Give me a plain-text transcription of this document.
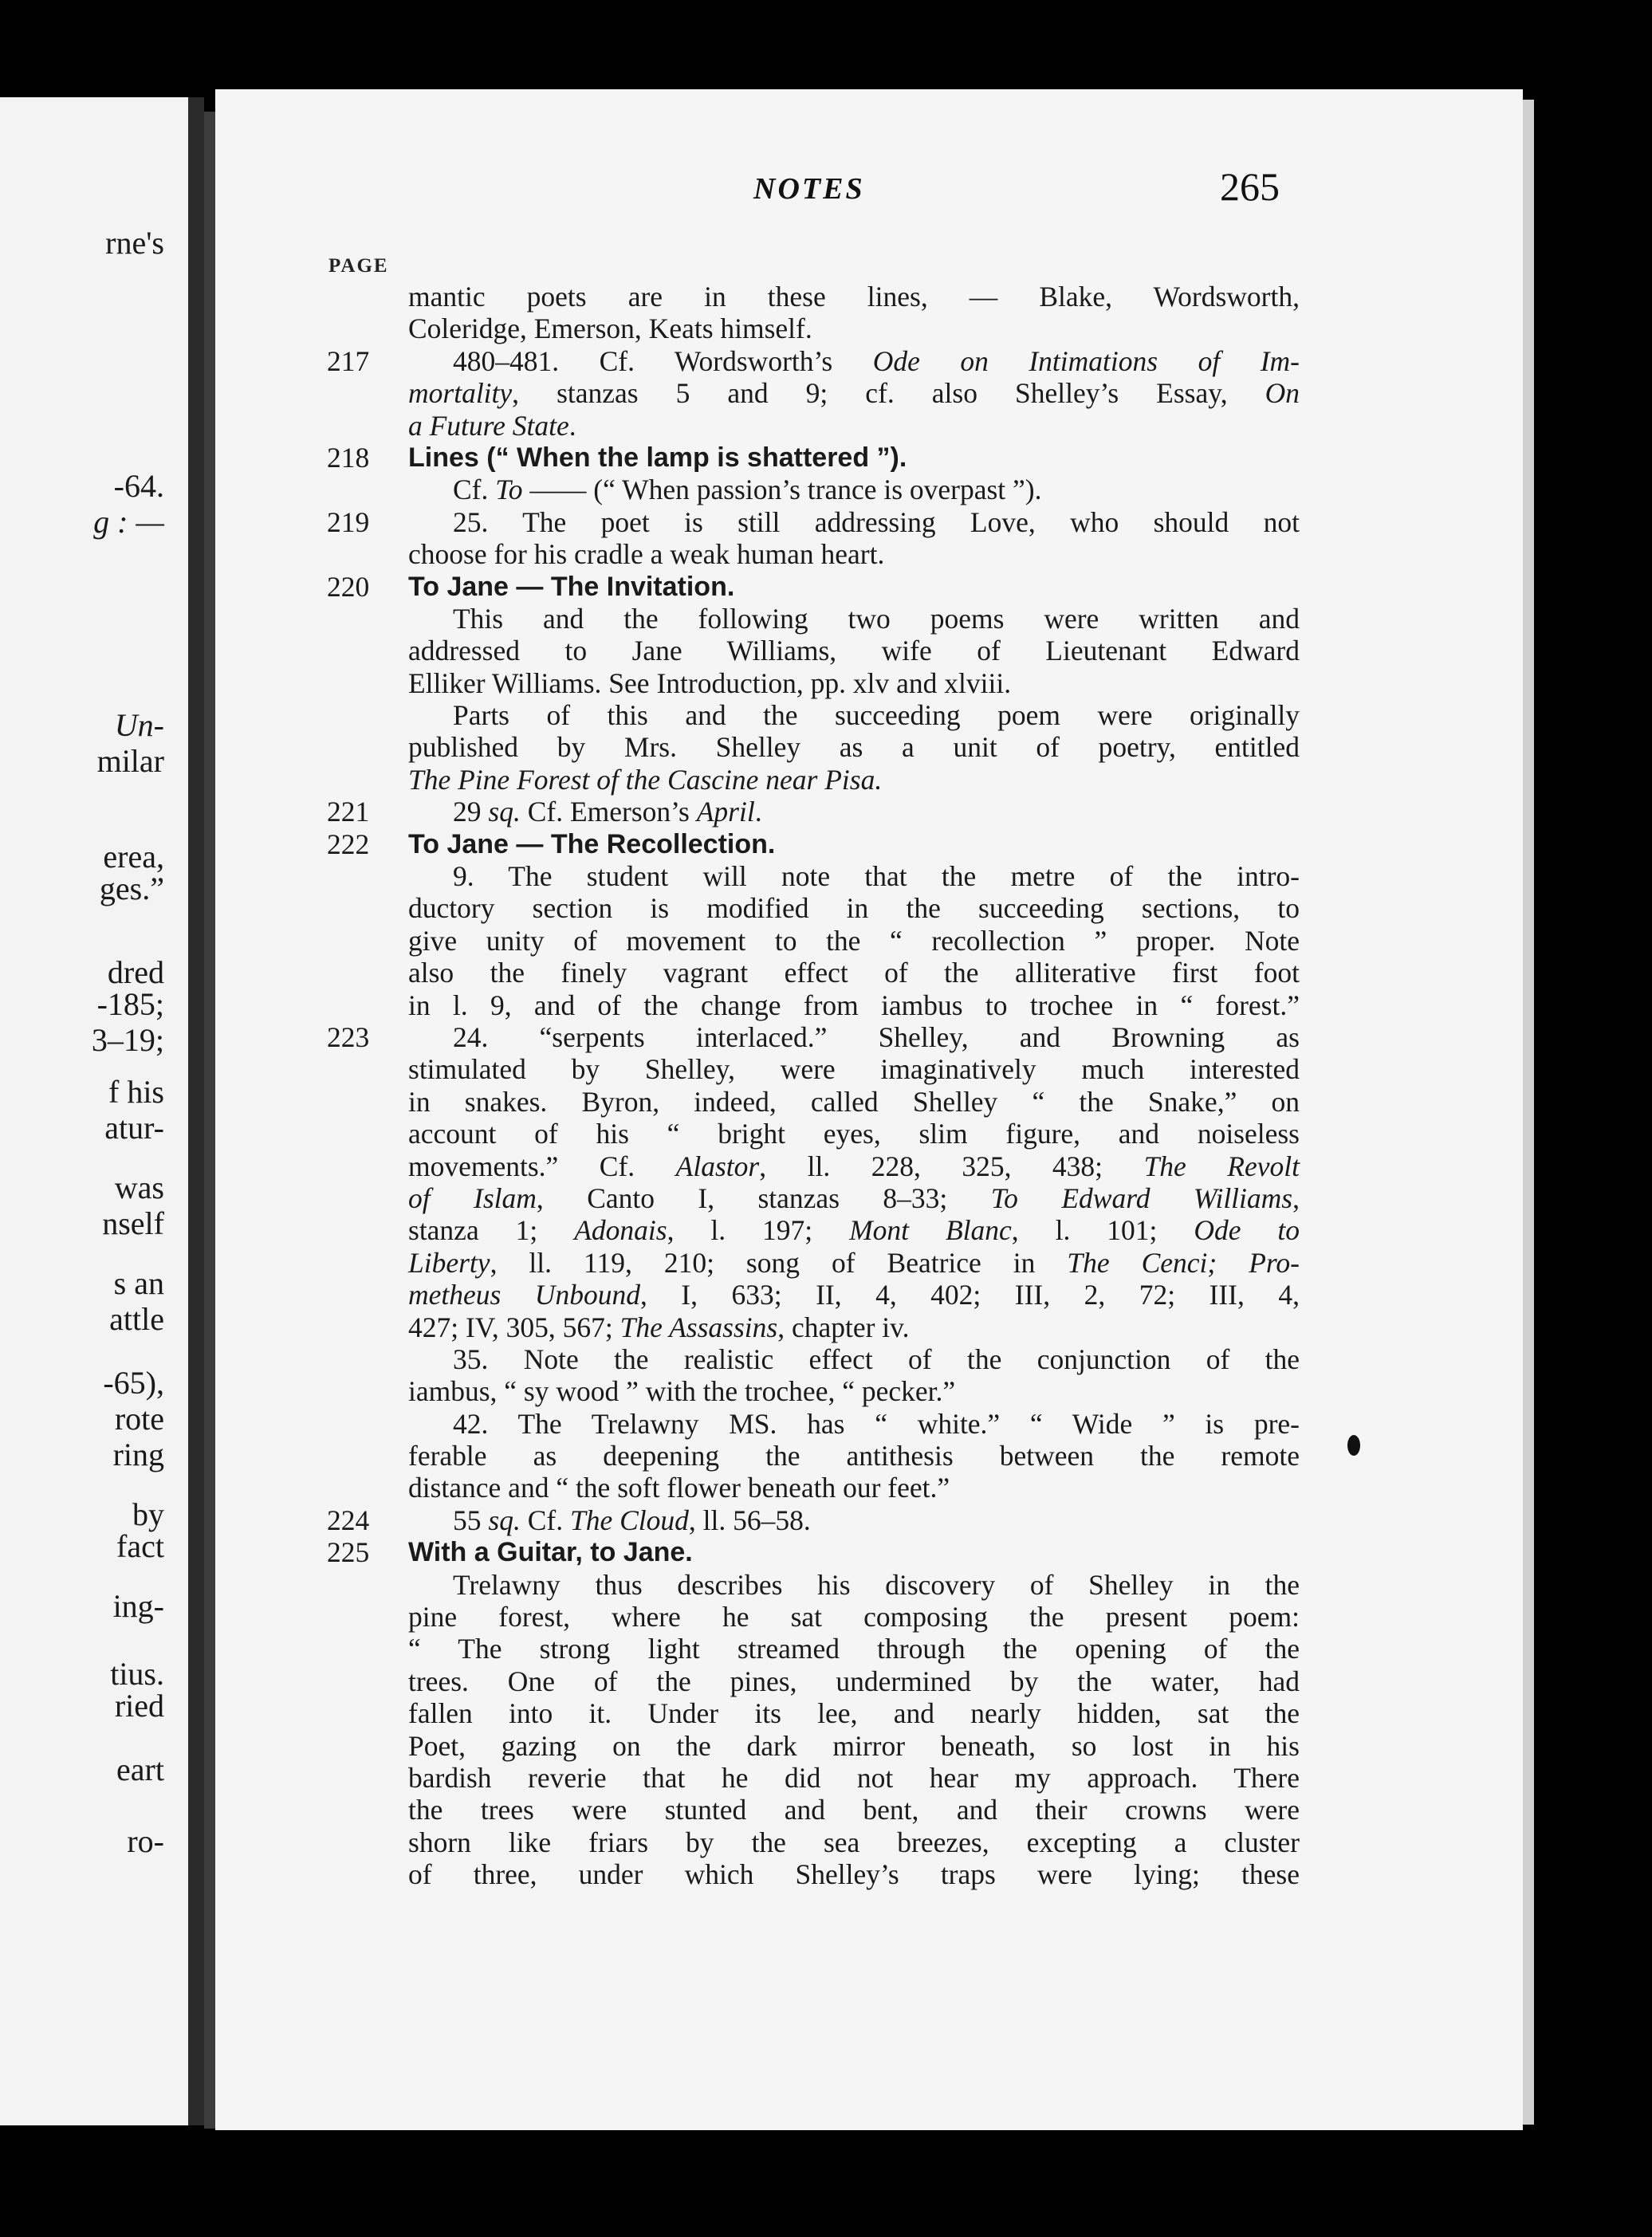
rne's
-64.
g : —
Un-
milar
erea,
ges.”
dred
-185;
3–19;
f his
atur-
was
nself
s an
attle
-65),
rote
ring
by
fact
ing-
tius.
ried
eart
ro-
NOTES	265
PAGE
mantic poets are in these lines, — Blake, Wordsworth,
Coleridge, Emerson, Keats himself.
217	480–481. Cf. Wordsworth’s Ode on Intimations of Im-
mortality, stanzas 5 and 9; cf. also Shelley’s Essay, On
a Future State.
218 Lines (“ When the lamp is shattered ”).
Cf. To —— (“ When passion’s trance is overpast ”).
219	25. The poet is still addressing Love, who should not
choose for his cradle a weak human heart.
220 To Jane — The Invitation.
This and the following two poems were written and
addressed to Jane Williams, wife of Lieutenant Edward
Elliker Williams. See Introduction, pp. xlv and xlviii.
Parts of this and the succeeding poem were originally
published by Mrs. Shelley as a unit of poetry, entitled
The Pine Forest of the Cascine near Pisa.
221	29 sq. Cf. Emerson’s April.
222 To Jane — The Recollection.
9. The student will note that the metre of the intro-
ductory section is modified in the succeeding sections, to
give unity of movement to the “ recollection ” proper. Note
also the finely vagrant effect of the alliterative first foot
in l. 9, and of the change from iambus to trochee in “ forest.”
223	24. “serpents interlaced.” Shelley, and Browning as
stimulated by Shelley, were imaginatively much interested
in snakes. Byron, indeed, called Shelley “ the Snake,” on
account of his “ bright eyes, slim figure, and noiseless
movements.” Cf. Alastor, ll. 228, 325, 438; The Revolt
of Islam, Canto I, stanzas 8–33; To Edward Williams,
stanza 1; Adonais, l. 197; Mont Blanc, l. 101; Ode to
Liberty, ll. 119, 210; song of Beatrice in The Cenci; Pro-
metheus Unbound, I, 633; II, 4, 402; III, 2, 72; III, 4,
427; IV, 305, 567; The Assassins, chapter iv.
35. Note the realistic effect of the conjunction of the
iambus, “ sy wood ” with the trochee, “ pecker.”
42. The Trelawny MS. has “ white.” “ Wide ” is pre-
ferable as deepening the antithesis between the remote
distance and “ the soft flower beneath our feet.”
224	55 sq. Cf. The Cloud, ll. 56–58.
225 With a Guitar, to Jane.
Trelawny thus describes his discovery of Shelley in the
pine forest, where he sat composing the present poem:
“ The strong light streamed through the opening of the
trees. One of the pines, undermined by the water, had
fallen into it. Under its lee, and nearly hidden, sat the
Poet, gazing on the dark mirror beneath, so lost in his
bardish reverie that he did not hear my approach. There
the trees were stunted and bent, and their crowns were
shorn like friars by the sea breezes, excepting a cluster
of three, under which Shelley’s traps were lying; these
